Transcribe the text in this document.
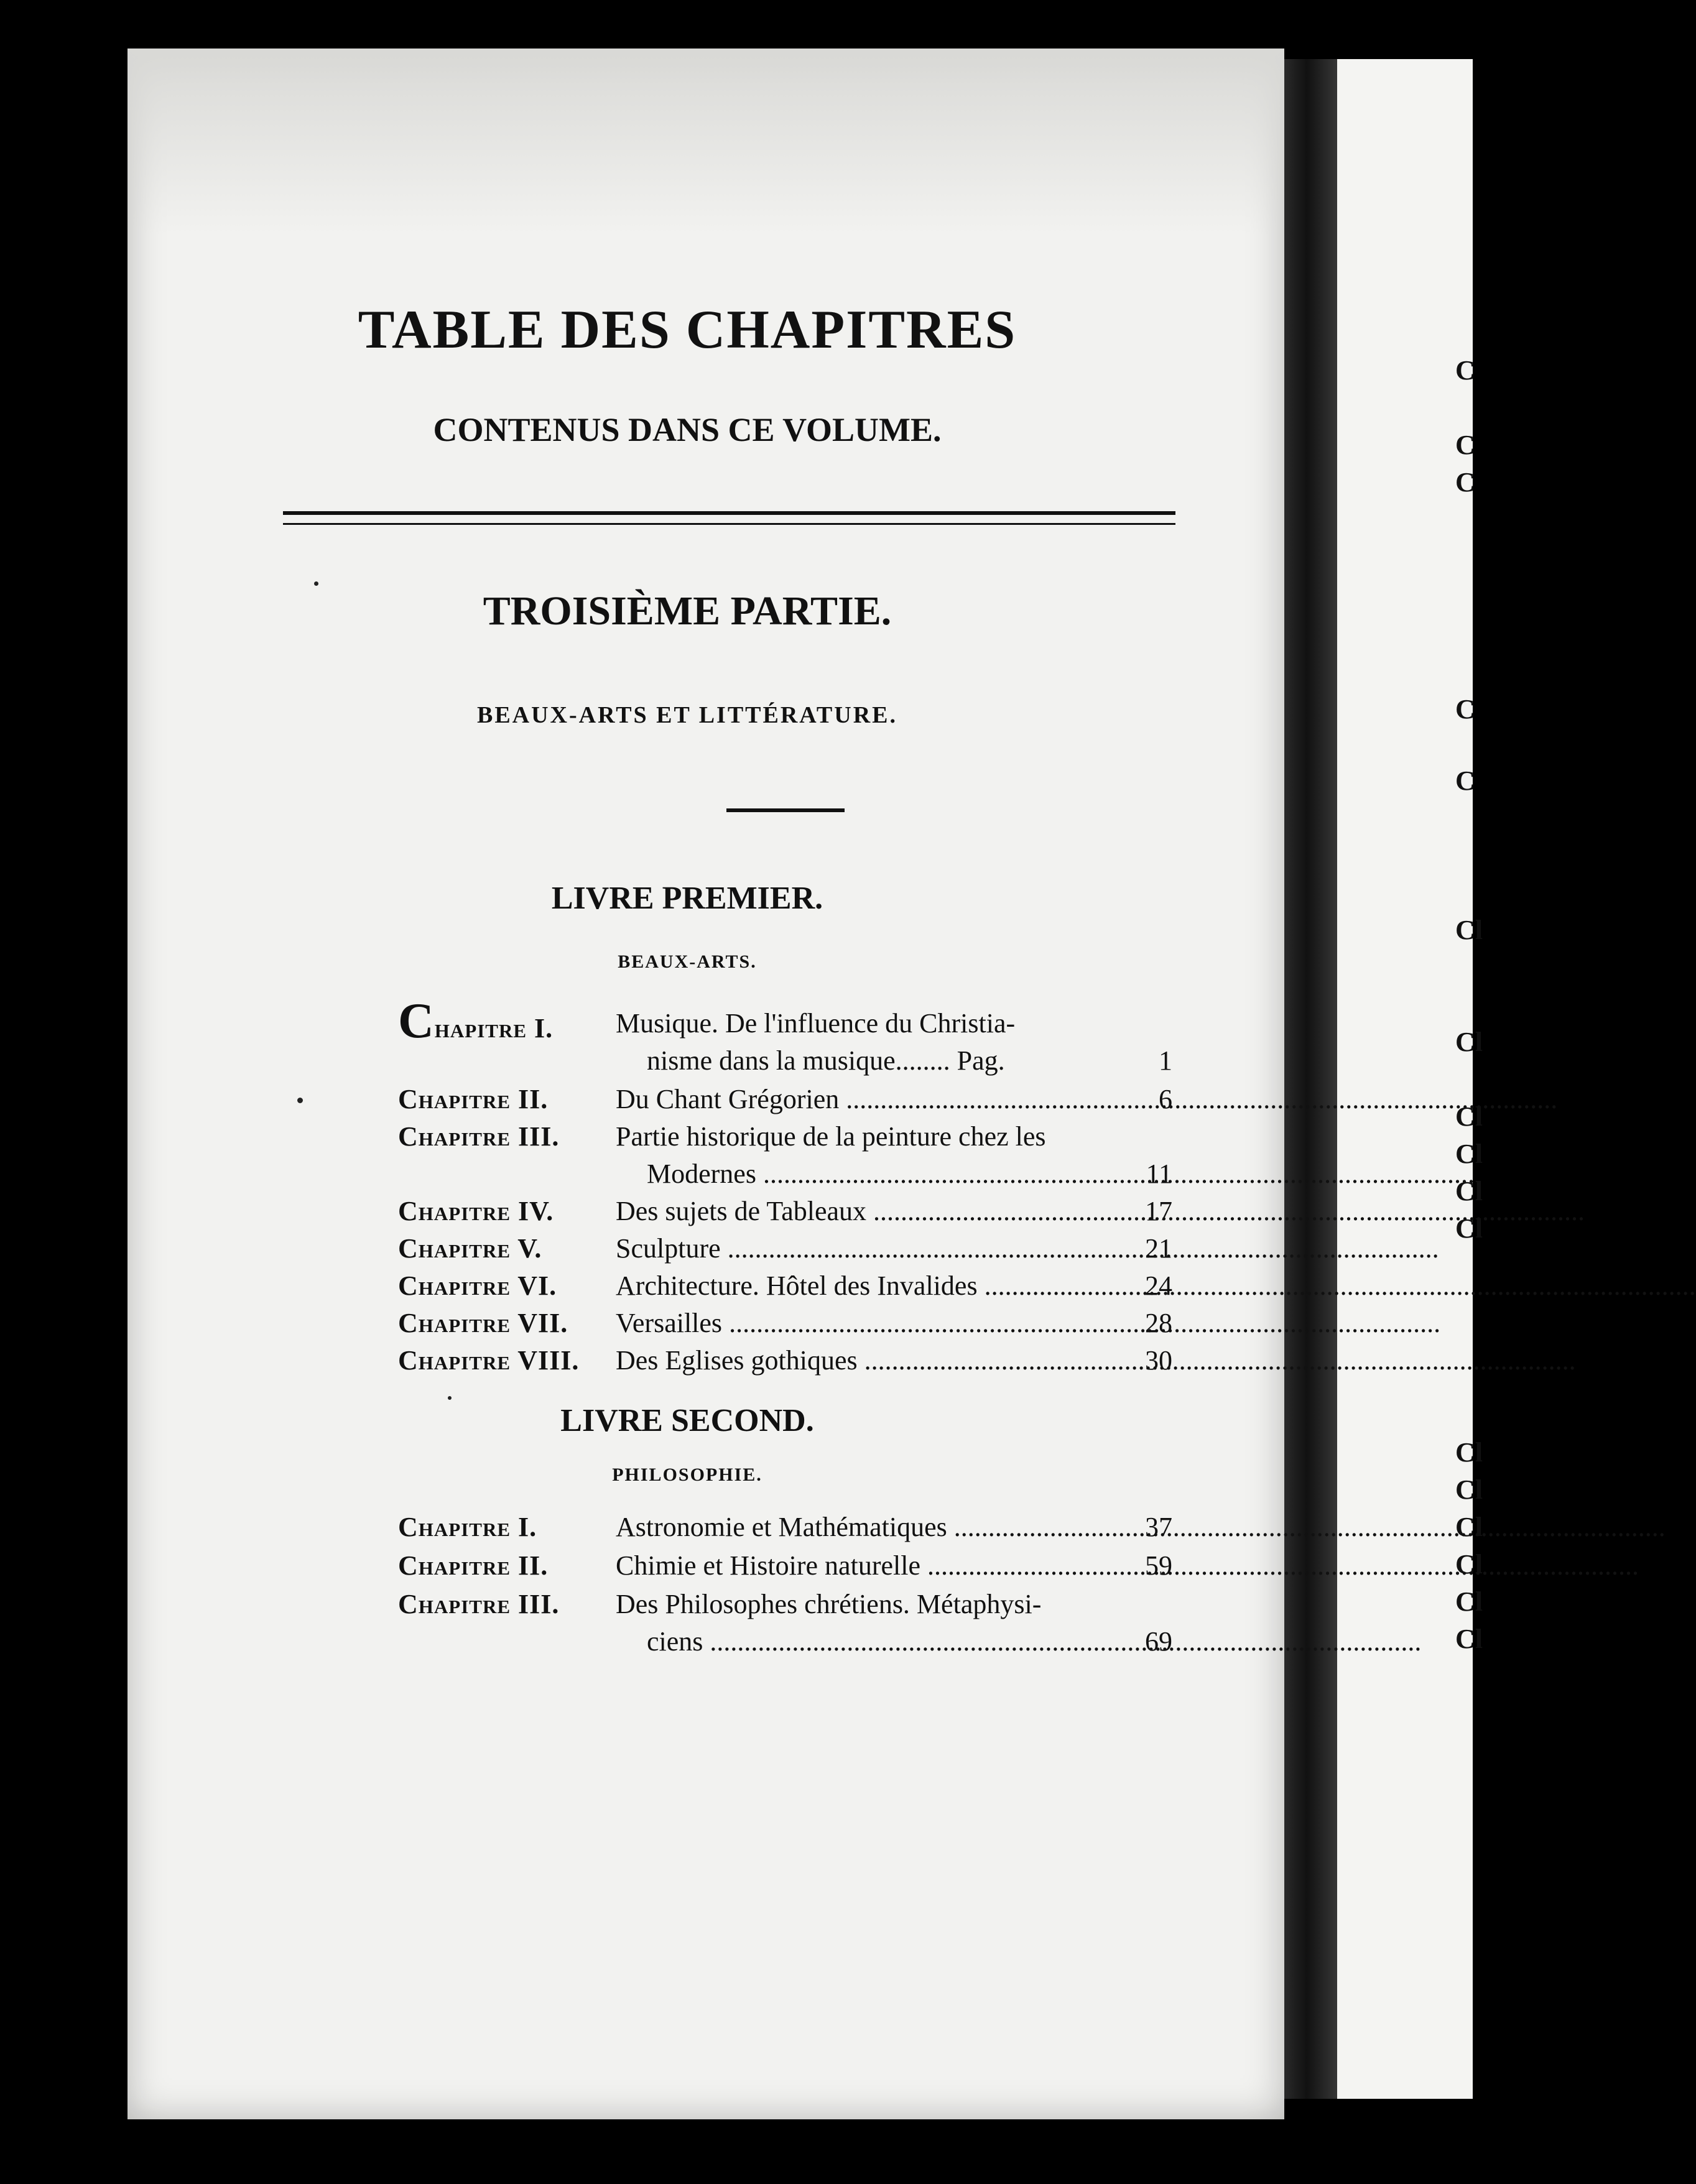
TABLE DES CHAPITRES
CONTENUS DANS CE VOLUME.
TROISIÈME PARTIE.
BEAUX-ARTS ET LITTÉRATURE.
LIVRE PREMIER.
BEAUX-ARTS.
Chapitre I. Musique. De l'influence du Christia-
nisme dans la musique........ Pag.	1
Chapitre II. Du Chant Grégorien .....	6
Chapitre III. Partie historique de la peinture chez les
Modernes .....	11
Chapitre IV. Des sujets de Tableaux .....	17
Chapitre V.	Sculpture .....	21
Chapitre VI. Architecture. Hôtel des Invalides .....	24
Chapitre VII. Versailles .....	28
Chapitre VIII. Des Eglises gothiques .....	30
LIVRE SECOND.
PHILOSOPHIE.
Chapitre I.	Astronomie et Mathématiques .....	37
Chapitre II. Chimie et Histoire naturelle .....	59
Chapitre III. Des Philosophes chrétiens. Métaphysi-
ciens .....	69
C
C
C
C
C
Cl
Cl
Cl
Cl
Cl
Cl
Cl
Cl
Cl
Cl
Cl
Cl
